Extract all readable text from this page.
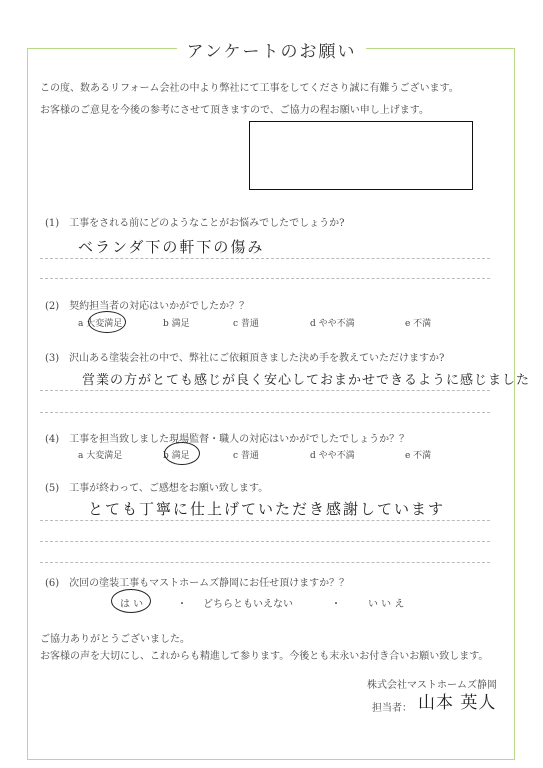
アンケートのお願い
この度、数あるリフォーム会社の中より弊社にて工事をしてくださり誠に有難うございます。
お客様のご意見を今後の参考にさせて頂きますので、ご協力の程お願い申し上げます。
(1)　工事をされる前にどのようなことがお悩みでしたでしょうか?
ベランダ下の軒下の傷み
(2)　契約担当者の対応はいかがでしたか？？
a 大変満足	b 満足	c 普通	d やや不満	e 不満
(3)　沢山ある塗装会社の中で、弊社にご依頼頂きました決め手を教えていただけますか?
営業の方がとても感じが良く安心しておまかせできるように感じました
(4)　工事を担当致しました現場監督・職人の対応はいかがでしたでしょうか？？
a 大変満足	b 満足	c 普通	d やや不満	e 不満
(5)　工事が終わって、ご感想をお願い致します。
とても丁寧に仕上げていただき感謝しています
(6)　次回の塗装工事もマストホームズ静岡にお任せ頂けますか？？
は い	・ どちらともいえない	・	い い え
ご協力ありがとうございました。
お客様の声を大切にし、これからも精進して参ります。今後とも末永いお付き合いお願い致します。
株式会社マストホームズ静岡
担当者： 山本 英人
